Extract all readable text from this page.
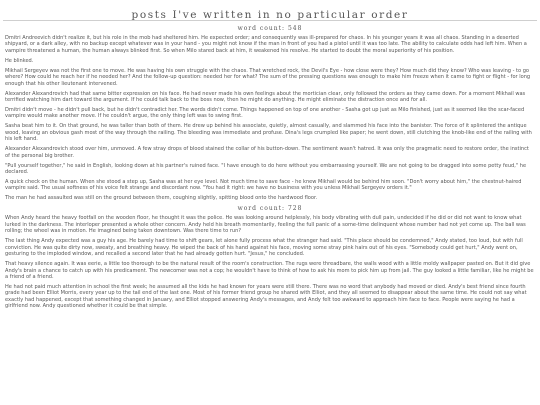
posts I've written in no particular order
word count: 548

Dmitri Andreevich didn't realize it, but his role in the mob had sheltered him. He expected order; and consequently was ill-prepared for chaos. In his younger years it was all chaos. Standing in a deserted shipyard, or a dark alley, with no backup except whatever was in your hand - you might not know if the man in front of you had a pistol until it was too late. The ability to calculate odds had left him. When a vampire threatened a human, the human always blinked first. So when Milo stared back at him, it weakened his resolve. He started to doubt the moral superiority of his position.

He blinked.

Mikhail Sergeyev was not the first one to move. He was having his own struggle with the chaos. That wretched rock, the Devil's Eye - how close were they? How much did they know? Who was leaving - to go where? How could he reach her if he needed her? And the follow-up question: needed her for what? The sum of the pressing questions was enough to make him freeze when it came to fight or flight - for long enough that his other lieutenant intervened.

Alexander Alexandrovich had that same bitter expression on his face. He had never made his own feelings about the mortician clear, only followed the orders as they came down. For a moment Mikhail was terrified watching him dart toward the argument. If he could talk back to the boss now, then he might do anything. He might eliminate the distraction once and for all.

Dmitri didn't move - he didn't pull back, but he didn't contradict her. The words didn't come. Things happened on top of one another - Sasha got up just as Milo finished, just as it seemed like the scar-faced vampire would make another move. If he couldn't argue, the only thing left was to swing first.

Sasha beat him to it. On that ground, he was taller than both of them. He drew up behind his associate, quietly, almost casually, and slammed his face into the banister. The force of it splintered the antique wood, leaving an obvious gash most of the way through the railing. The bleeding was immediate and profuse. Dina's legs crumpled like paper; he went down, still clutching the knob-like end of the railing with his left hand.

Alexander Alexandrovich stood over him, unmoved. A few stray drops of blood stained the collar of his button-down. The sentiment wasn't hatred. It was only the pragmatic need to restore order, the instinct of the personal big brother.

"Pull yourself together," he said in English, looking down at his partner's ruined face. "I have enough to do here without you embarrassing yourself. We are not going to be dragged into some petty feud," he declared.

A quick check on the human. When she stood a step up, Sasha was at her eye level. Not much time to save face - he knew Mikhail would be behind him soon. "Don't worry about him," the chestnut-haired vampire said. The usual softness of his voice felt strange and discordant now. "You had it right: we have no business with you unless Mikhail Sergeyev orders it."

The man he had assaulted was still on the ground between them, coughing slightly, spitting blood onto the hardwood floor.

word count: 728

When Andy heard the heavy footfall on the wooden floor, he thought it was the police. He was looking around helplessly, his body vibrating with dull pain, undecided if he did or did not want to know what lurked in the darkness. The interloper presented a whole other concern. Andy held his breath momentarily, feeling the full panic of a some-time delinquent whose number had not yet come up. The ball was rolling; the wheel was in motion. He imagined being taken downtown. Was there time to run?

The last thing Andy expected was a guy his age. He barely had time to shift gears, let alone fully process what the stranger had said. "This place should be condemned," Andy stated, too loud, but with full conviction. He was quite dirty now, sweaty, and breathing heavy. He wiped the back of his hand against his face, moving some stray pink hairs out of his eyes. "Somebody could get hurt," Andy went on, gesturing to the imploded window, and recalled a second later that he had already gotten hurt. "Jesus," he concluded.

That heavy silence again. It was eerie, a little too thorough to be the natural result of the room's construction. The rugs were threadbare, the walls wood with a little moldy wallpaper pasted on. But it did give Andy's brain a chance to catch up with his predicament. The newcomer was not a cop; he wouldn't have to think of how to ask his mom to pick him up from jail. The guy looked a little familiar, like he might be a friend of a friend.

He had not paid much attention in school the first week; he assumed all the kids he had known for years were still there. There was no word that anybody had moved or died. Andy's best friend since fourth grade had been Elliot Morris, every year up to the tail end of the last one. Most of his former friend group he shared with Elliot, and they all seemed to disappear about the same time. He could not say what exactly had happened, except that something changed in January, and Elliot stopped answering Andy's messages, and Andy felt too awkward to approach him face to face. People were saying he had a girlfriend now. Andy questioned whether it could be that simple.
